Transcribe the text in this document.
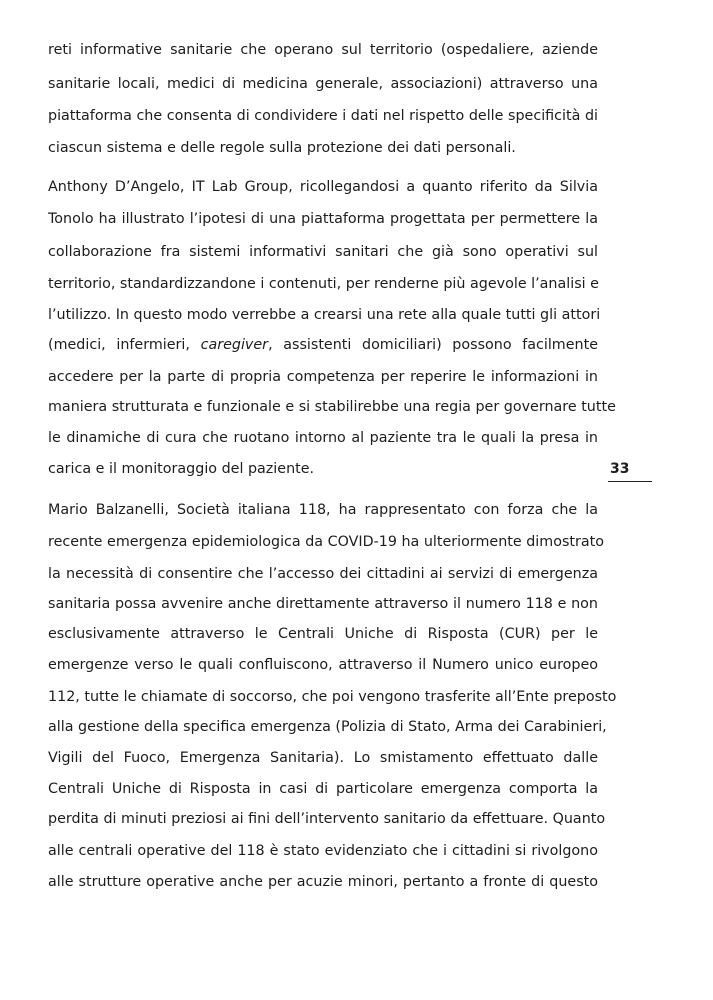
reti informative sanitarie che operano sul territorio (ospedaliere, aziende
sanitarie locali, medici di medicina generale, associazioni) attraverso una
piattaforma che consenta di condividere i dati nel rispetto delle specificità di
ciascun sistema e delle regole sulla protezione dei dati personali.
Anthony D’Angelo, IT Lab Group, ricollegandosi a quanto riferito da Silvia
Tonolo ha illustrato l’ipotesi di una piattaforma progettata per permettere la
collaborazione fra sistemi informativi sanitari che già sono operativi sul
territorio, standardizzandone i contenuti, per renderne più agevole l’analisi e
l’utilizzo. In questo modo verrebbe a crearsi una rete alla quale tutti gli attori
(medici, infermieri, caregiver, assistenti domiciliari) possono facilmente
accedere per la parte di propria competenza per reperire le informazioni in
maniera strutturata e funzionale e si stabilirebbe una regia per governare tutte
le dinamiche di cura che ruotano intorno al paziente tra le quali la presa in
carica e il monitoraggio del paziente.	33
Mario Balzanelli, Società italiana 118, ha rappresentato con forza che la
recente emergenza epidemiologica da COVID-19 ha ulteriormente dimostrato
la necessità di consentire che l’accesso dei cittadini ai servizi di emergenza
sanitaria possa avvenire anche direttamente attraverso il numero 118 e non
esclusivamente attraverso le Centrali Uniche di Risposta (CUR) per le
emergenze verso le quali confluiscono, attraverso il Numero unico europeo
112, tutte le chiamate di soccorso, che poi vengono trasferite all’Ente preposto
alla gestione della specifica emergenza (Polizia di Stato, Arma dei Carabinieri,
Vigili del Fuoco, Emergenza Sanitaria). Lo smistamento effettuato dalle
Centrali Uniche di Risposta in casi di particolare emergenza comporta la
perdita di minuti preziosi ai fini dell’intervento sanitario da effettuare. Quanto
alle centrali operative del 118 è stato evidenziato che i cittadini si rivolgono
alle strutture operative anche per acuzie minori, pertanto a fronte di questo
